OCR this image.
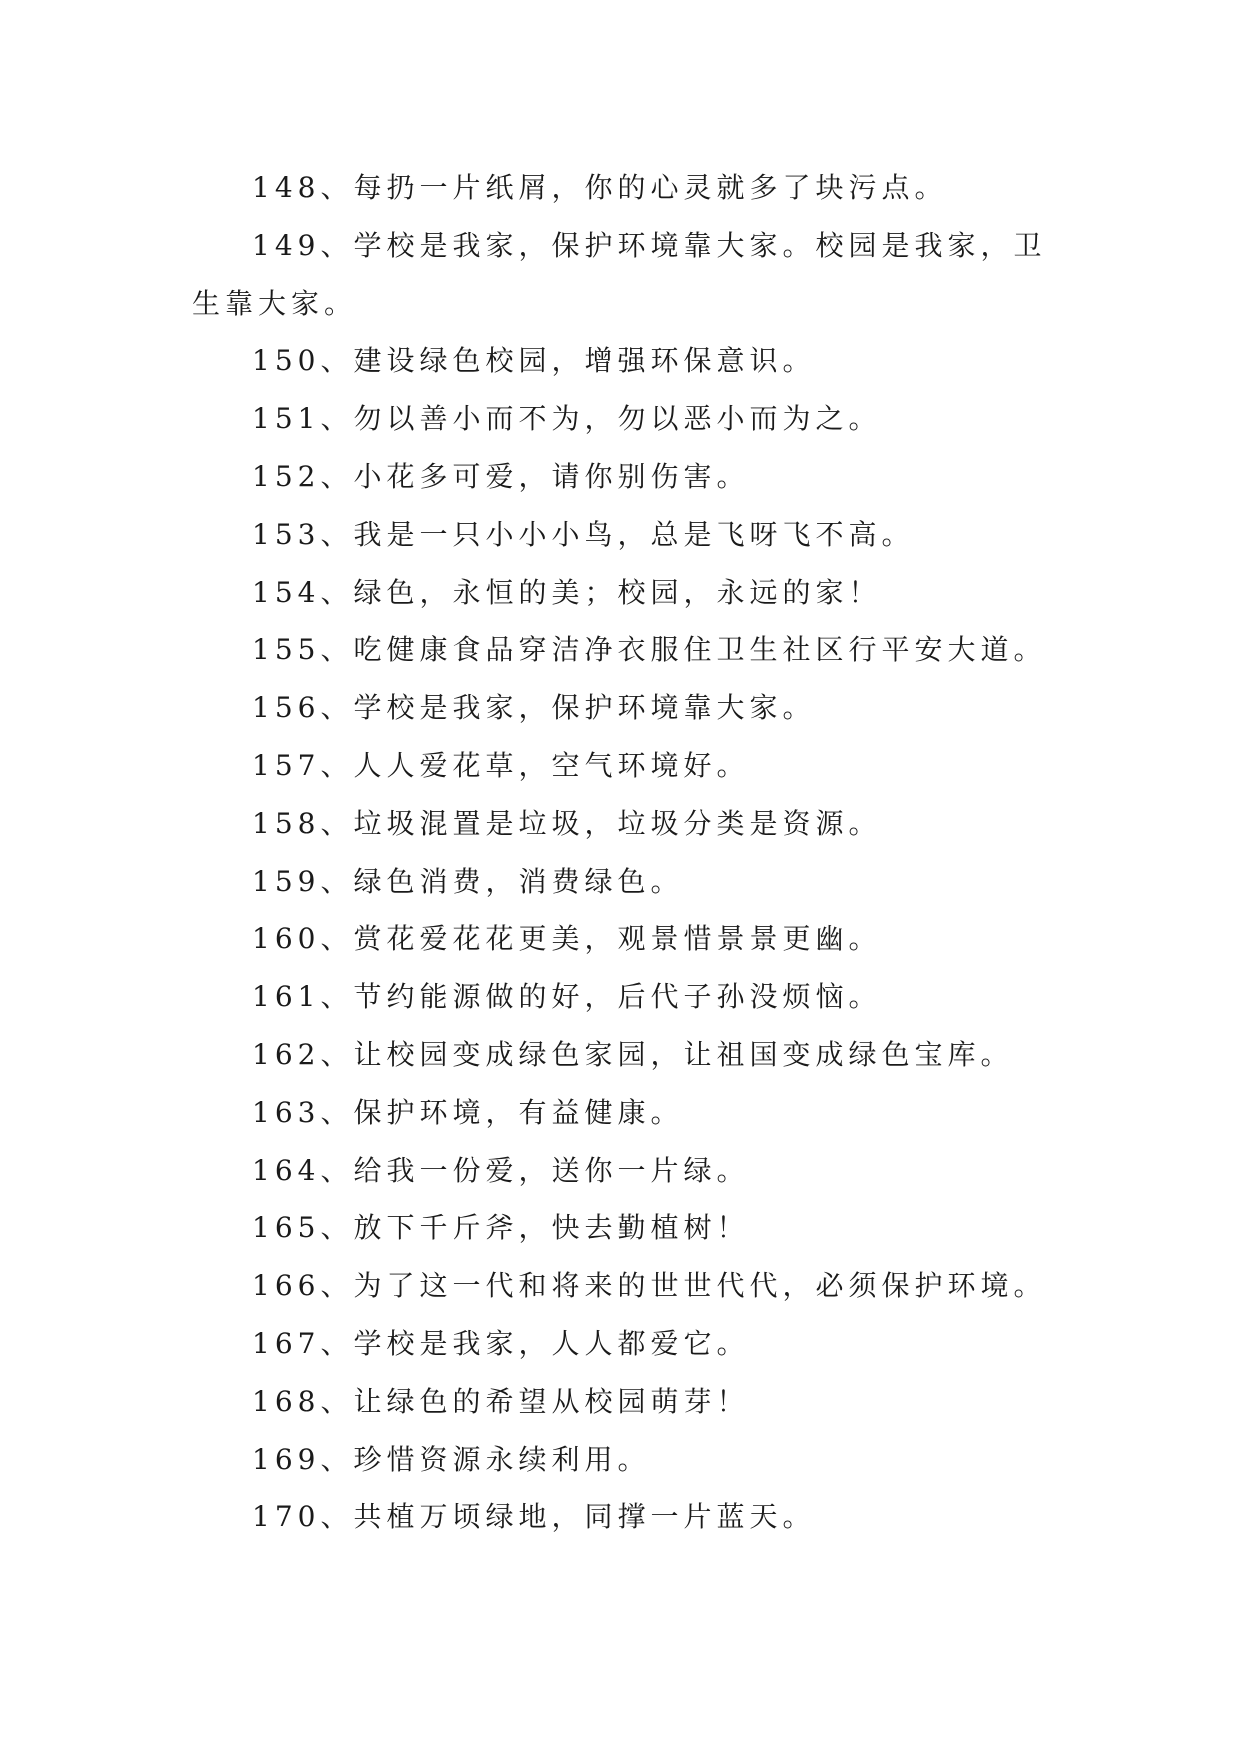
148、每扔一片纸屑，你的心灵就多了块污点。

149、学校是我家，保护环境靠大家。校园是我家，卫生靠大家。

150、建设绿色校园，增强环保意识。

151、勿以善小而不为，勿以恶小而为之。

152、小花多可爱，请你别伤害。

153、我是一只小小小鸟，总是飞呀飞不高。

154、绿色，永恒的美；校园，永远的家！

155、吃健康食品穿洁净衣服住卫生社区行平安大道。

156、学校是我家，保护环境靠大家。

157、人人爱花草，空气环境好。

158、垃圾混置是垃圾，垃圾分类是资源。

159、绿色消费，消费绿色。

160、赏花爱花花更美，观景惜景景更幽。

161、节约能源做的好，后代子孙没烦恼。

162、让校园变成绿色家园，让祖国变成绿色宝库。

163、保护环境，有益健康。

164、给我一份爱，送你一片绿。

165、放下千斤斧，快去勤植树！

166、为了这一代和将来的世世代代，必须保护环境。

167、学校是我家，人人都爱它。

168、让绿色的希望从校园萌芽！

169、珍惜资源永续利用。

170、共植万顷绿地，同撑一片蓝天。
